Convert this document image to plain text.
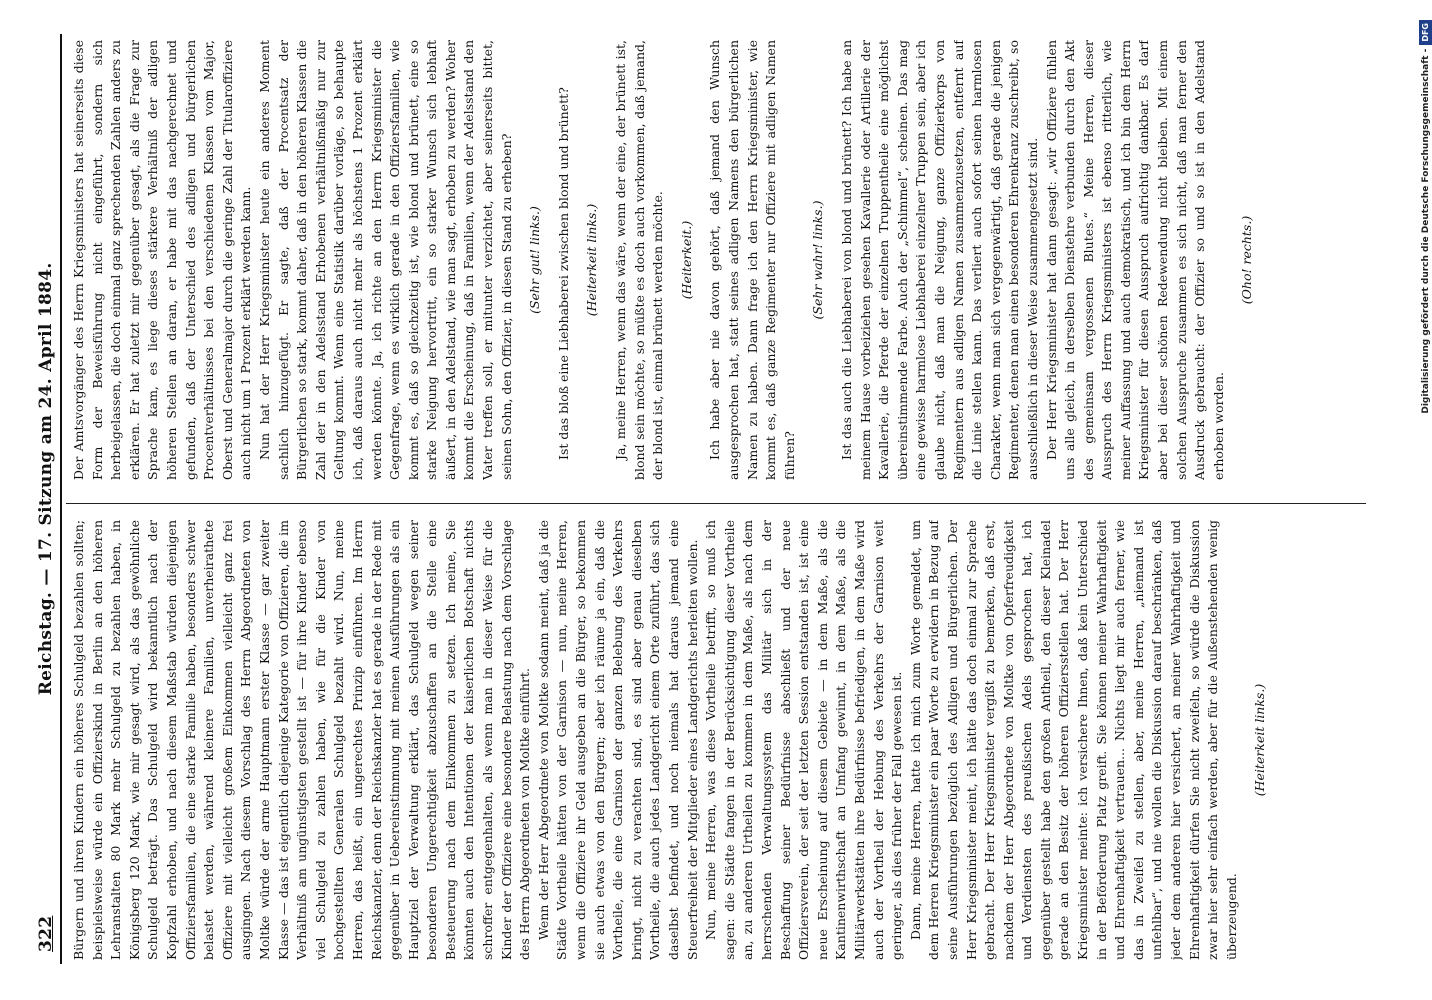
322
Reichstag. — 17. Sitzung am 24. April 1884.

Bürgern und ihren Kindern ein höheres Schulgeld bezahlen sollten; beispielsweise würde ein Offizierskind in Berlin an den höheren Lehranstalten 80 Mark mehr Schulgeld zu bezahlen haben, in Königsberg 120 Mark, wie mir gesagt wird, als das gewöhnliche Schulgeld beträgt. Das Schulgeld wird bekanntlich nach der Kopfzahl erhoben, und nach diesem Maßstab würden diejenigen Offiziersfamilien, die eine starke Familie haben, besonders schwer belastet werden, während kleinere Familien, unverheirathete Offiziere mit vielleicht großem Einkommen vielleicht ganz frei ausgingen. Nach diesem Vorschlag des Herrn Abgeordneten von Moltke würde der arme Hauptmann erster Klasse — gar zweiter Klasse — das ist eigentlich diejenige Kategorie von Offizieren, die im Verhältniß am ungünstigsten gestellt ist — für ihre Kinder ebenso viel Schulgeld zu zahlen haben, wie für die Kinder von hochgestellten Generalen Schulgeld bezahlt wird. Nun, meine Herren, das heißt, ein ungerechtes Prinzip einführen. Im Herrn Reichskanzler, denn der Reichskanzler hat es gerade in der Rede mit gegenüber in Uebereinstimmung mit meinen Ausführungen als ein Hauptziel der Verwaltung erklärt, das Schulgeld wegen seiner besonderen Ungerechtigkeit abzuschaffen an die Stelle eine Besteuerung nach dem Einkommen zu setzen. Ich meine, Sie könnten auch den Intentionen der kaiserlichen Botschaft nichts schroffer entgegenhalten, als wenn man in dieser Weise für die Kinder der Offiziere eine besondere Belastung nach dem Vorschlage des Herrn Abgeordneten von Moltke einführt. Wenn der Herr Abgeordnete von Moltke sodann meint, daß ja die Städte Vortheile hätten von der Garnison — nun, meine Herren, wenn die Offiziere ihr Geld ausgeben an die Bürger, so bekommen sie auch etwas von den Bürgern; aber ich räume ja ein, daß die Vortheile, die eine Garnison der ganzen Belebung des Verkehrs bringt, nicht zu verachten sind, es sind aber genau dieselben Vortheile, die auch jedes Landgericht einem Orte zuführt, das sich daselbst befindet, und noch niemals hat daraus jemand eine Steuerfreiheit der Mitglieder eines Landgerichts herleiten wollen. Nun, meine Herren, was diese Vortheile betrifft, so muß ich sagen: die Städte fangen in der Berücksichtigung dieser Vortheile an, zu anderen Urtheilen zu kommen in dem Maße, als nach dem herrschenden Verwaltungssystem das Militär sich in der Beschaffung seiner Bedürfnisse abschließt und der neue Offiziersverein, der seit der letzten Session entstanden ist, ist eine neue Erscheinung auf diesem Gebiete — in dem Maße, als die Kantinenwirthschaft an Umfang gewinnt, in dem Maße, als die Militärwerkstätten ihre Bedürfnisse befriedigen, in dem Maße wird auch der Vortheil der Hebung des Verkehrs der Garnison weit geringer, als dies früher der Fall gewesen ist. Dann, meine Herren, hatte ich mich zum Worte gemeldet, um dem Herren Kriegsminister ein paar Worte zu erwidern in Bezug auf seine Ausführungen bezüglich des Adligen und Bürgerlichen. Der Herr Kriegsminister meint, ich hätte das doch einmal zur Sprache gebracht. Der Herr Kriegsminister vergißt zu bemerken, daß erst, nachdem der Herr Abgeordnete von Moltke von Opferfreudigkeit und Verdiensten des preußischen Adels gesprochen hat, ich gegenüber gestellt habe den großen Antheil, den dieser Kleinadel gerade an den Besitz der höheren Offiziersstellen hat. Der Herr Kriegsminister meinte: ich versichere Ihnen, daß kein Unterschied in der Beförderung Platz greift. Sie können meiner Wahrhaftigkeit und Ehrenhaftigkeit vertrauen... Nichts liegt mir auch ferner, wie das in Zweifel zu stellen, aber, meine Herren, „niemand ist unfehlbar“, und nie wollen die Diskussion darauf beschränken, daß jeder dem anderen hier versichert, an meiner Wahrhaftigkeit und Ehrenhaftigkeit dürfen Sie nicht zweifeln, so würde die Diskussion zwar hier sehr einfach werden, aber für die Außenstehenden wenig überzeugend.

(Heiterkeit links.)

Der Amtsvorgänger des Herrn Kriegsministers hat seinerseits diese Form der Beweisführung nicht eingeführt, sondern sich herbeigelassen, die doch einmal ganz sprechenden Zahlen anders zu erklären. Er hat zuletzt mir gegenüber gesagt, als die Frage zur Sprache kam, es liege dieses stärkere Verhältniß der adligen höheren Stellen an daran, er habe mit das nachgerechnet und gefunden, daß der Unterschied des adligen und bürgerlichen Procentverhältnisses bei den verschiedenen Klassen vom Major, Oberst und Generalmajor durch die geringe Zahl der Titularoffiziere auch nicht um 1 Prozent erklärt werden kann. Nun hat der Herr Kriegsminister heute ein anderes Moment sachlich hinzugefügt. Er sagte, daß der Procentsatz der Bürgerlichen so stark, kommt daher, daß in den höheren Klassen die Zahl der in den Adelsstand Erhobenen verhältnißmäßig nur zur Geltung kommt. Wenn eine Statistik darüber vorläge, so behaupte ich, daß daraus auch nicht mehr als höchstens 1 Prozent erklärt werden könnte. Ja, ich richte an den Herrn Kriegsminister die Gegenfrage, wenn es wirklich gerade in den Offiziersfamilien, wie kommt es, daß so gleichzeitig ist, wie blond und brünett, eine so starke Neigung hervortritt, ein so starker Wunsch sich lebhaft äußert, in den Adelstand, wie man sagt, erhoben zu werden? Woher kommt die Erscheinung, daß in Familien, wenn der Adelsstand den Vater treffen soll, er mitunter verzichtet, aber seinerseits bittet, seinen Sohn, den Offizier, in diesen Stand zu erheben? (Sehr gut! links.) Ist das bloß eine Liebhaberei zwischen blond und brünett? (Heiterkeit links.) Ja, meine Herren, wenn das wäre, wenn der eine, der brünett ist, blond sein möchte, so müßte es doch auch vorkommen, daß jemand, der blond ist, einmal brünett werden möchte. (Heiterkeit.) Ich habe aber nie davon gehört, daß jemand den Wunsch ausgesprochen hat, statt seines adligen Namens den bürgerlichen Namen zu haben. Dann frage ich den Herrn Kriegsminister, wie kommt es, daß ganze Regimenter nur Offiziere mit adligen Namen führen?

(Sehr wahr! links.) Ist das auch die Liebhaberei von blond und brünett? Ich habe an meinem Hause vorbeiziehen gesehen Kavallerie oder Artillerie der Kavallerie, die Pferde der einzelnen Truppentheile eine möglichst übereinstimmende Farbe. Auch der „Schimmel“, scheinen. Das mag eine gewisse harmlose Liebhaberei einzelner Truppen sein, aber ich glaube nicht, daß man die Neigung, ganze Offizierkorps von Regimentern aus adligen Namen zusammenzusetzen, entfernt auf die Linie stellen kann. Das verliert auch sofort seinen harmlosen Charakter, wenn man sich vergegenwärtigt, daß gerade die jenigen Regimenter, denen man einen besonderen Ehrenkranz zuschreibt, so ausschließlich in dieser Weise zusammengesetzt sind. Der Herr Kriegsminister hat dann gesagt: „wir Offiziere fühlen uns alle gleich, in derselben Dienstehre verbunden durch den Akt des gemeinsam vergossenen Blutes.“ Meine Herren, dieser Ausspruch des Herrn Kriegsministers ist ebenso ritterlich, wie meiner Auffassung und auch demokratisch, und ich bin dem Herrn Kriegsminister für diesen Ausspruch aufrichtig dankbar. Es darf aber bei dieser schönen Redewendung nicht bleiben. Mit einem solchen Ausspruche zusammen es sich nicht, daß man ferner den Ausdruck gebraucht: der Offizier so und so ist in den Adelstand erhoben worden.

(Oho! rechts.)	Digitalisierung gefördert durch die Deutsche Forschungsgemeinschaft -DFG
